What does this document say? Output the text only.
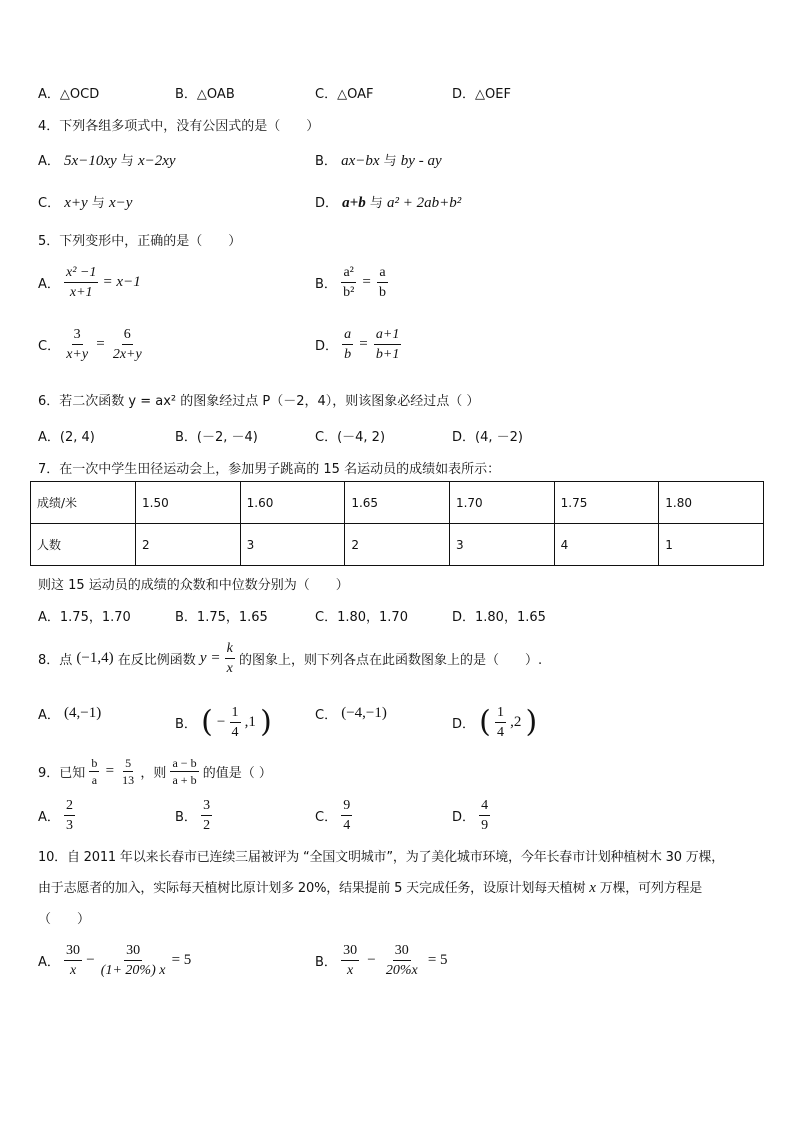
A．△OCD	B．△OAB	C．△OAF	D．△OEF
4．下列各组多项式中，没有公因式的是（　　）
A． 5x−10xy 与 x−2xy	B． ax−bx 与 by - ay
C． x+y 与 x−y	D． a+b 与 a² + 2ab+b²
5．下列变形中，正确的是（　　）
A． $\frac{\text{x² −1}}{x+1} = x-1$	B． $\frac{\text{a²}}{\text{b²}} = \frac{a}{b}$
C． $\frac{3}{x+y} = \frac{6}{2x+y}$	D． $\frac{a}{b} = \frac{a+1}{b+1}$
6．若二次函数 y = ax² 的图象经过点 P（－2，4），则该图象必经过点（ ）
A．(2, 4)	B．(－2, －4)	C．(－4, 2)	D．(4, －2)
7．在一次中学生田径运动会上，参加男子跳高的 15 名运动员的成绩如表所示：
成绩/米	1.50	1.60	1.65	1.70	1.75	1.80
人数	2	3	2	3	4	1
则这 15 运动员的成绩的众数和中位数分别为（　　）
A．1.75，1.70	B．1.75，1.65	C．1.80，1.70	D．1.80，1.65
8．点 (−1,4) 在反比例函数 $y = \frac{k}{x}$ 的图象上，则下列各点在此函数图象上的是（　　）.
A． (4,−1)
B． ( − $\frac{1}{4} ,1$ )	C． (−4,−1)
D． ( $\frac{1}{4} ,2$ )
9．已知 $\frac{b}{a} = \frac{5}{13}$ ，则 $\frac{a - b}{a + b}$ 的值是（ ）
A． $\frac{2}{3}$	B． $\frac{3}{2}$	C． $\frac{9}{4}$	D． $\frac{4}{9}$
10．自 2011 年以来长春市已连续三届被评为 “全国文明城市”，为了美化城市环境，今年长春市计划种植树木 30 万棵，
由于志愿者的加入，实际每天植树比原计划多 20%，结果提前 5 天完成任务，设原计划每天植树 x 万棵，可列方程是
（　　）
A． $\frac{30}{x} - \frac{30}{(1+ 20\%) x} = 5$	B． $\frac{30}{x} - \frac{30}{20\%x} = 5$
